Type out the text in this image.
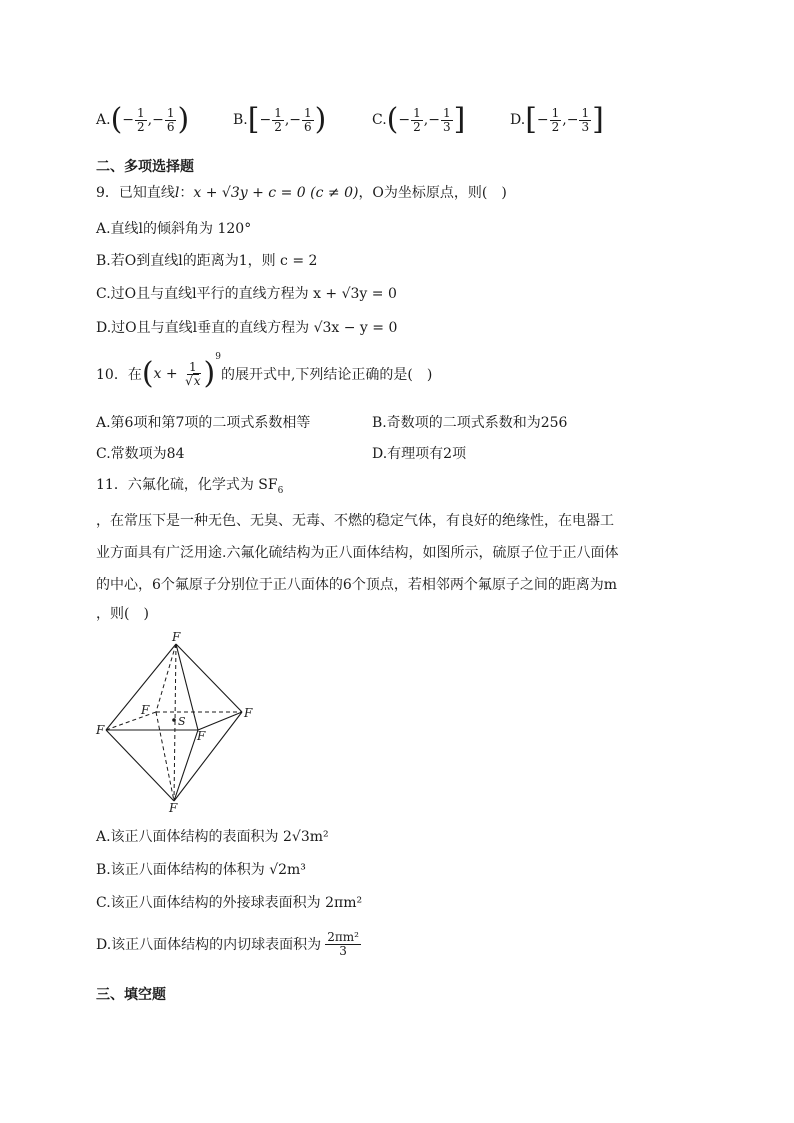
A. ( − $\frac{1}{2}$ ,− $\frac{1}{6}$ )	B. [ − $\frac{1}{2}$ ,− $\frac{1}{6}$ )	C. ( − $\frac{1}{2}$ ,− $\frac{1}{3}$ ]	D. [ − $\frac{1}{2}$ ,− $\frac{1}{3}$ ]
二、多项选择题
9．已知直线l：x + √3y + c = 0 (c ≠ 0)，O为坐标原点，则(　)
A.直线l的倾斜角为 120°
B.若O到直线l的距离为1，则 c = 2
C.过O且与直线l平行的直线方程为 x + √3y = 0
D.过O且与直线l垂直的直线方程为 √3x − y = 0
10．在 ( $x + \frac{1}{√x} )^9$
的展开式中,下列结论正确的是(　)
A.第6项和第7项的二项式系数相等	B.奇数项的二项式系数和为256
C.常数项为84	D.有理项有2项
11．六氟化硫，化学式为 $SF_6$
，在常压下是一种无色、无臭、无毒、不燃的稳定气体，有良好的绝缘性，在电器工
业方面具有广泛用途.六氟化硫结构为正八面体结构，如图所示，硫原子位于正八面体
的中心，6个氟原子分别位于正八面体的6个顶点，若相邻两个氟原子之间的距离为m
，则(　)
F
F
F
F
F
F
S
A.该正八面体结构的表面积为 2√3m²
B.该正八面体结构的体积为 √2m³
C.该正八面体结构的外接球表面积为 2πm²
D.该正八面体结构的内切球表面积为 $\frac{\text{2πm²}}{3}$
三、填空题
